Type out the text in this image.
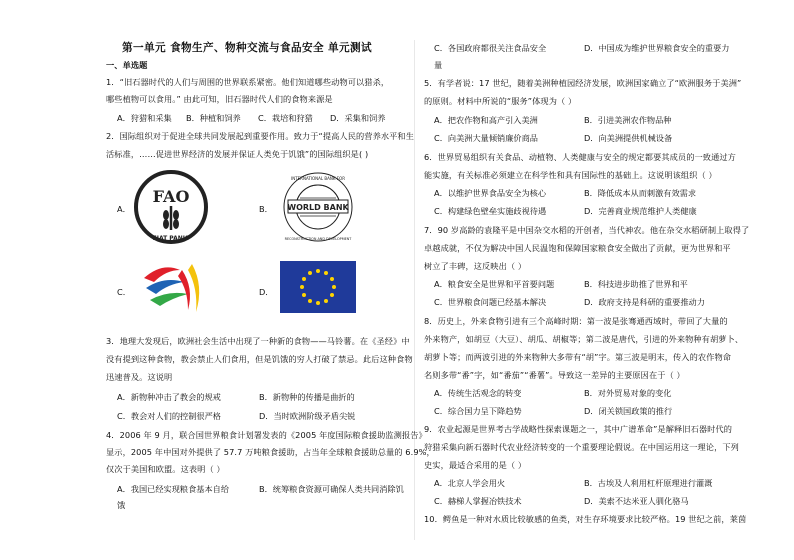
第一单元 食物生产、物种交流与食品安全 单元测试
一、单选题
1．“旧石器时代的人们与周围的世界联系紧密。他们知道哪些动物可以猎杀，
哪些植物可以食用。” 由此可知，旧石器时代人们的食物来源是
A．狩猎和采集 B．种植和饲养 C．栽培和狩猎 D．采集和饲养
2．国际组织对于促进全球共同发展起到重要作用。致力于“提高人民的营养水平和生
活标准，……促进世界经济的发展并保证人类免于饥饿”的国际组织是( )
A．
FAO
FIAT PANIS
B． WORLD BANK
INTERNATIONAL BANK FOR
RECONSTRUCTION AND DEVELOPMENT
C．	D．
3．地理大发现后，欧洲社会生活中出现了一种新的食物——马铃薯。在《圣经》中
没有提到这种食物，教会禁止人们食用，但是饥饿的穷人打破了禁忌。此后这种食物
迅速普及。这说明
A．新物种冲击了教会的规戒	B．新物种的传播是曲折的
C．教会对人们的控制很严格	D．当时欧洲阶级矛盾尖锐
4．2006 年 9 月，联合国世界粮食计划署发表的《2005 年度国际粮食援助监测报告》
显示，2005 年中国对外提供了 57.7 万吨粮食援助，占当年全球粮食援助总量的 6.9%，
仅次于美国和欧盟。这表明（ ）
A．我国已经实现粮食基本自给	B．统筹粮食资源可确保人类共同消除饥
饿
C．各国政府都很关注食品安全	D．中国成为维护世界粮食安全的重要力
量
5．有学者说：17 世纪，随着美洲种植园经济发展，欧洲国家确立了“欧洲服务于美洲”
的原则。材料中所说的“服务”体现为（ ）
A．把农作物和高产引入美洲	B．引进美洲农作物品种
C．向美洲大量倾销廉价商品	D．向美洲提供机械设备
6．世界贸易组织有关食品、动植物、人类健康与安全的规定都要其成员的一致通过方
能实施，有关标准必须建立在科学性和具有国际性的基础上。这说明该组织（ ）
A．以维护世界食品安全为核心	B．降低成本从而刺激有效需求
C．构建绿色壁垒实施歧视待遇	D．完善商业规范维护人类健康
7．90 岁高龄的袁隆平是中国杂交水稻的开创者，当代神农。他在杂交水稻研制上取得了
卓越成就，不仅为解决中国人民温饱和保障国家粮食安全做出了贡献，更为世界和平
树立了丰碑，这反映出（ ）
A．粮食安全是世界和平首要问题	B．科技进步助推了世界和平
C．世界粮食问题已经基本解决	D．政府支持是科研的重要推动力
8．历史上，外来食物引进有三个高峰时期：第一波是张骞通西域时，带回了大量的
外来物产，如胡豆（大豆）、胡瓜、胡椒等；第二波是唐代，引进的外来物种有胡萝卜、
胡萝卜等；而两波引进的外来物种大多带有“胡”字。第三波是明末，传入的农作物命
名则多带“番”字，如“番茄”“番薯”。导致这一差异的主要原因在于（ ）
A．传统生活观念的转变	B．对外贸易对象的变化
C．综合国力呈下降趋势	D．闭关锁国政策的推行
9．农业起源是世界考古学战略性探索课题之一，其中广谱革命”是解释旧石器时代的
狩猎采集向新石器时代农业经济转变的一个重要理论假说。在中国运用这一理论，下列
史实，最适合采用的是（ ）
A．北京人学会用火	B．古埃及人利用杠杆原理进行灌溉
C．赫梯人掌握冶铁技术	D．美索不达米亚人驯化骆马
10．鳄鱼是一种对水质比较敏感的鱼类，对生存环境要求比较严格。19 世纪之前，莱茵
